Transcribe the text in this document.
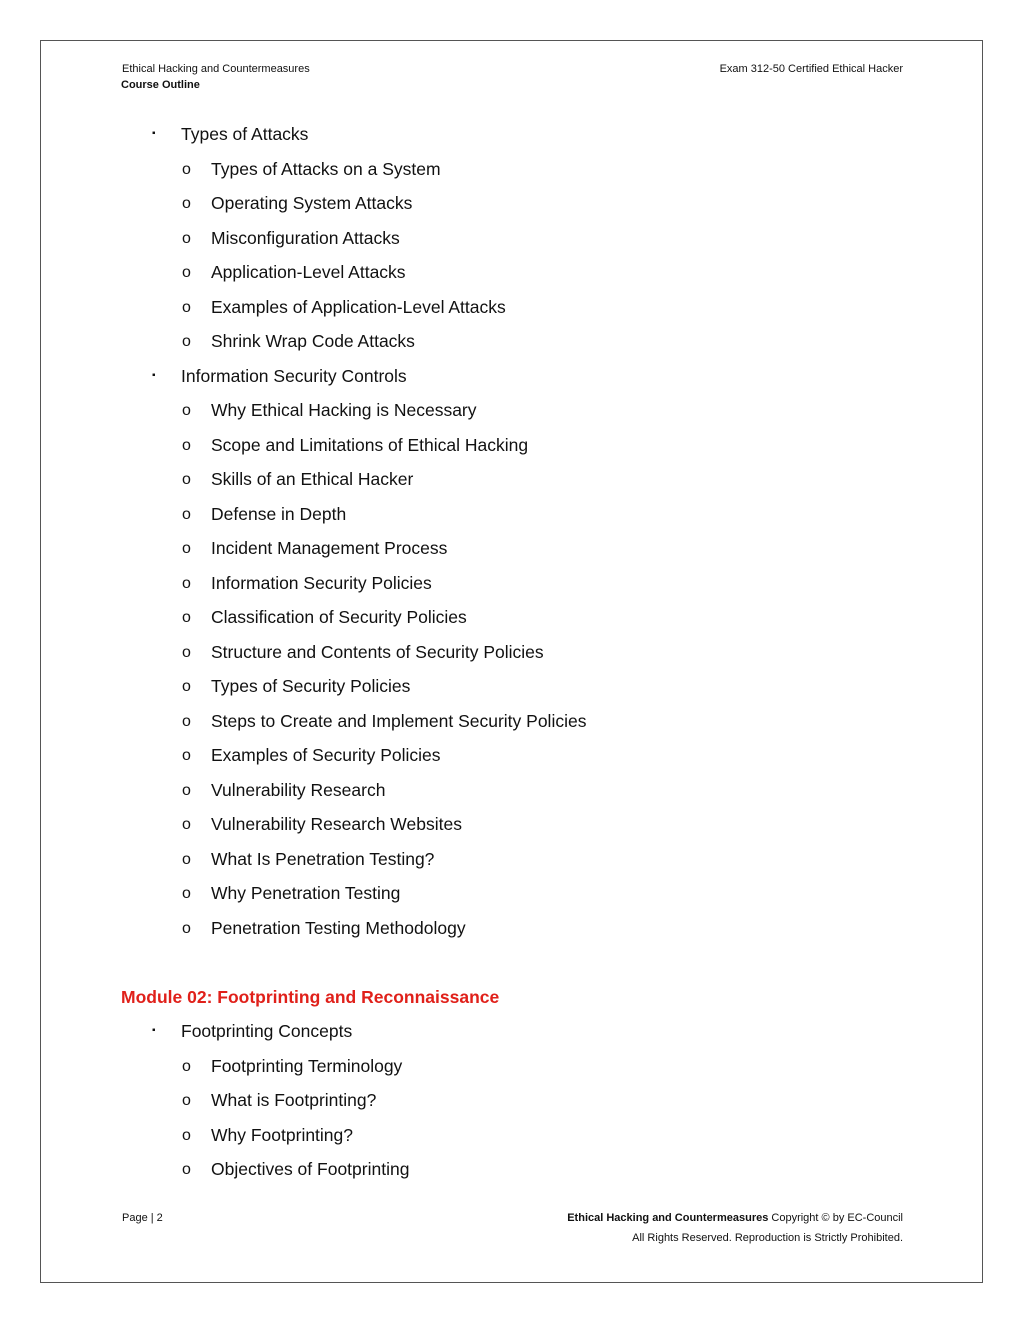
Ethical Hacking and Countermeasures
Course Outline
Exam 312-50 Certified Ethical Hacker
▪ Types of Attacks
o Types of Attacks on a System
o Operating System Attacks
o Misconfiguration Attacks
o Application-Level Attacks
o Examples of Application-Level Attacks
o Shrink Wrap Code Attacks
▪ Information Security Controls
o Why Ethical Hacking is Necessary
o Scope and Limitations of Ethical Hacking
o Skills of an Ethical Hacker
o Defense in Depth
o Incident Management Process
o Information Security Policies
o Classification of Security Policies
o Structure and Contents of Security Policies
o Types of Security Policies
o Steps to Create and Implement Security Policies
o Examples of Security Policies
o Vulnerability Research
o Vulnerability Research Websites
o What Is Penetration Testing?
o Why Penetration Testing
o Penetration Testing Methodology
Module 02: Footprinting and Reconnaissance
▪ Footprinting Concepts
o Footprinting Terminology
o What is Footprinting?
o Why Footprinting?
o Objectives of Footprinting
Page | 2	Ethical Hacking and Countermeasures Copyright © by EC-Council
All Rights Reserved. Reproduction is Strictly Prohibited.
